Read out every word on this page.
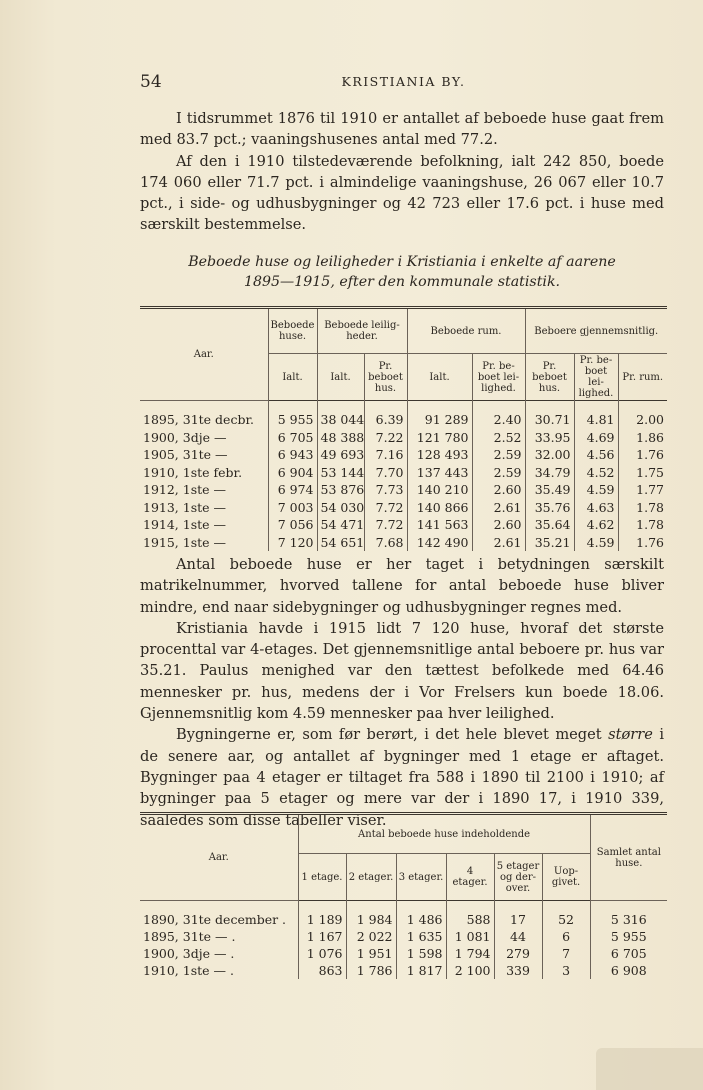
54	KRISTIANIA BY.

I tidsrummet 1876 til 1910 er antallet af beboede huse gaat frem med 83.7 pct.; vaaningshusenes antal med 77.2.

Af den i 1910 tilstedeværende befolkning, ialt 242 850, boede 174 060 eller 71.7 pct. i almindelige vaaningshuse, 26 067 eller 10.7 pct., i side- og udhusbygninger og 42 723 eller 17.6 pct. i huse med særskilt bestemmelse.

Beboede huse og leiligheder i Kristiania i enkelte af aarene
1895—1915, efter den kommunale statistik.
Aar.	Beboede huse.	Beboede leilig- heder.		Beboede rum.		Beboere gjennemsnitlig.		
	Ialt.	Ialt.	Pr. beboet hus.	Ialt.	Pr. be- boet lei- lighed.	Pr. beboet hus.	Pr. be- boet lei- lighed.	Pr. rum.
1895, 31te decbr.	5 955	38 044	6.39	91 289	2.40	30.71	4.81	2.00
1900, 3dje —	6 705	48 388	7.22	121 780	2.52	33.95	4.69	1.86
1905, 31te —	6 943	49 693	7.16	128 493	2.59	32.00	4.56	1.76
1910, 1ste febr.	6 904	53 144	7.70	137 443	2.59	34.79	4.52	1.75
1912, 1ste —	6 974	53 876	7.73	140 210	2.60	35.49	4.59	1.77
1913, 1ste —	7 003	54 030	7.72	140 866	2.61	35.76	4.63	1.78
1914, 1ste —	7 056	54 471	7.72	141 563	2.60	35.64	4.62	1.78
1915, 1ste —	7 120	54 651	7.68	142 490	2.61	35.21	4.59	1.76

Antal beboede huse er her taget i betydningen særskilt matrikelnummer, hvorved tallene for antal beboede huse bliver mindre, end naar sidebygninger og udhusbygninger regnes med.

Kristiania havde i 1915 lidt 7 120 huse, hvoraf det største procenttal var 4-etages. Det gjennemsnitlige antal beboere pr. hus var 35.21. Paulus menighed var den tættest befolkede med 64.46 mennesker pr. hus, medens der i Vor Frelsers kun boede 18.06. Gjennemsnitlig kom 4.59 mennesker paa hver leilighed.

Bygningerne er, som før berørt, i det hele blevet meget større i de senere aar, og antallet af bygninger med 1 etage er aftaget. Bygninger paa 4 etager er tiltaget fra 588 i 1890 til 2100 i 1910; af bygninger paa 5 etager og mere var der i 1890 17, i 1910 339, saaledes som disse tabeller viser.

Aar.	Antal beboede huse indeholdende						Samlet antal huse.
	1 etage.	2 etager.	3 etager.	4 etager.	5 etager og der- over.	Uop- givet.	
1890, 31te december .	1 189	1 984	1 486	588	17	52	5 316
1895, 31te — .	1 167	2 022	1 635	1 081	44	6	5 955
1900, 3dje — .	1 076	1 951	1 598	1 794	279	7	6 705
1910, 1ste — .	863	1 786	1 817	2 100	339	3	6 908
